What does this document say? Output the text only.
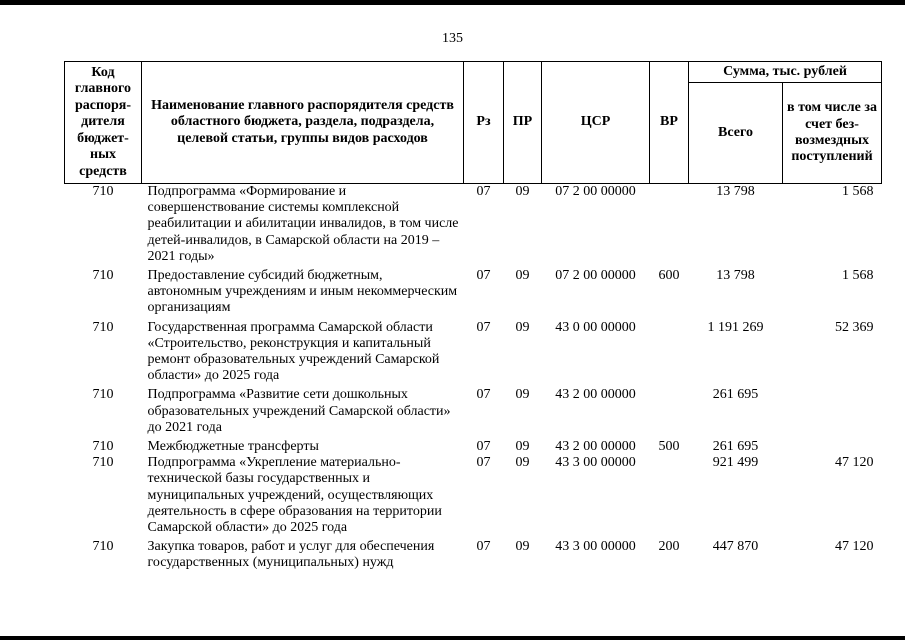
135
Код главного распоря-дителя бюджет-ных средств	Наименование главного распорядителя средств областного бюджета, раздела, подраздела, целевой статьи, группы видов расходов	Рз	ПР	ЦСР	ВР	Сумма, тыс. рублей	
						Всего	в том числе за счет без-возмездных поступлений
710	Подпрограмма «Формирование и совершенствование системы комплексной реабилитации и абилитации инвалидов, в том числе детей-инвалидов, в Самарской области на 2019 – 2021 годы»	07	09	07 2 00 00000		13 798	1 568
710	Предоставление субсидий бюджетным, автономным учреждениям и иным некоммерческим организациям	07	09	07 2 00 00000	600	13 798	1 568
710	Государственная программа Самарской области «Строительство, реконструкция и капитальный ремонт образовательных учреждений Самарской области» до 2025 года	07	09	43 0 00 00000		1 191 269	52 369
710	Подпрограмма «Развитие сети дошкольных образовательных учреждений Самарской области» до 2021 года	07	09	43 2 00 00000		261 695	
710	Межбюджетные трансферты	07	09	43 2 00 00000	500	261 695	
710	Подпрограмма «Укрепление материально-технической базы государственных и муниципальных учреждений, осуществляющих деятельность в сфере образования на территории Самарской области» до 2025 года	07	09	43 3 00 00000		921 499	47 120
710	Закупка товаров, работ и услуг для обеспечения государственных (муниципальных) нужд	07	09	43 3 00 00000	200	447 870	47 120
